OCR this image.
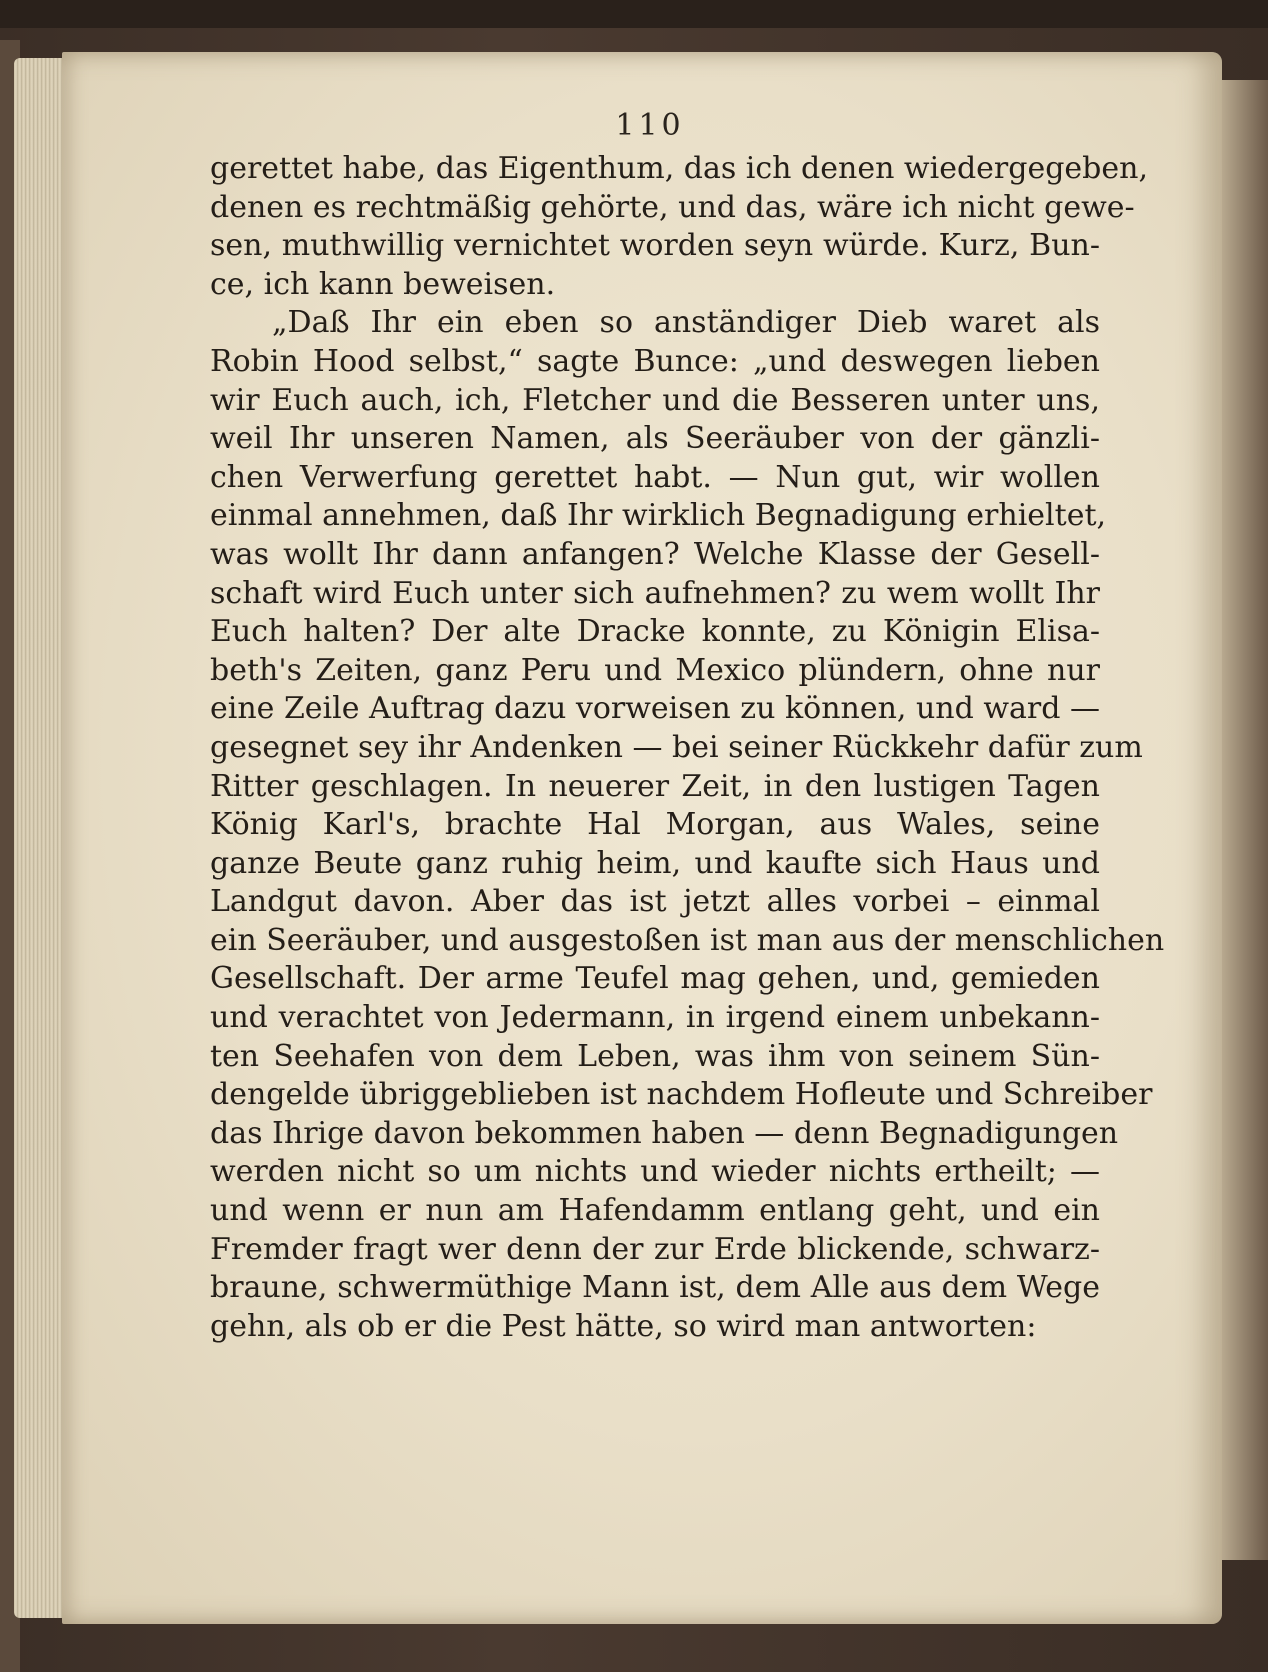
110
gerettet habe, das Eigenthum, das ich denen wiedergegeben,
denen es rechtmäßig gehörte, und das, wäre ich nicht gewe-
sen, muthwillig vernichtet worden seyn würde. Kurz, Bun-
ce, ich kann beweisen.
„Daß Ihr ein eben so anständiger Dieb waret als
Robin Hood selbst,“ sagte Bunce: „und deswegen lieben
wir Euch auch, ich, Fletcher und die Besseren unter uns,
weil Ihr unseren Namen, als Seeräuber von der gänzli-
chen Verwerfung gerettet habt. — Nun gut, wir wollen
einmal annehmen, daß Ihr wirklich Begnadigung erhieltet,
was wollt Ihr dann anfangen? Welche Klasse der Gesell-
schaft wird Euch unter sich aufnehmen? zu wem wollt Ihr
Euch halten? Der alte Dracke konnte, zu Königin Elisa-
beth's Zeiten, ganz Peru und Mexico plündern, ohne nur
eine Zeile Auftrag dazu vorweisen zu können, und ward —
gesegnet sey ihr Andenken — bei seiner Rückkehr dafür zum
Ritter geschlagen. In neuerer Zeit, in den lustigen Tagen
König Karl's, brachte Hal Morgan, aus Wales, seine
ganze Beute ganz ruhig heim, und kaufte sich Haus und
Landgut davon. Aber das ist jetzt alles vorbei – einmal
ein Seeräuber, und ausgestoßen ist man aus der menschlichen
Gesellschaft. Der arme Teufel mag gehen, und, gemieden
und verachtet von Jedermann, in irgend einem unbekann-
ten Seehafen von dem Leben, was ihm von seinem Sün-
dengelde übriggeblieben ist nachdem Hofleute und Schreiber
das Ihrige davon bekommen haben — denn Begnadigungen
werden nicht so um nichts und wieder nichts ertheilt; —
und wenn er nun am Hafendamm entlang geht, und ein
Fremder fragt wer denn der zur Erde blickende, schwarz-
braune, schwermüthige Mann ist, dem Alle aus dem Wege
gehn, als ob er die Pest hätte, so wird man antworten:
